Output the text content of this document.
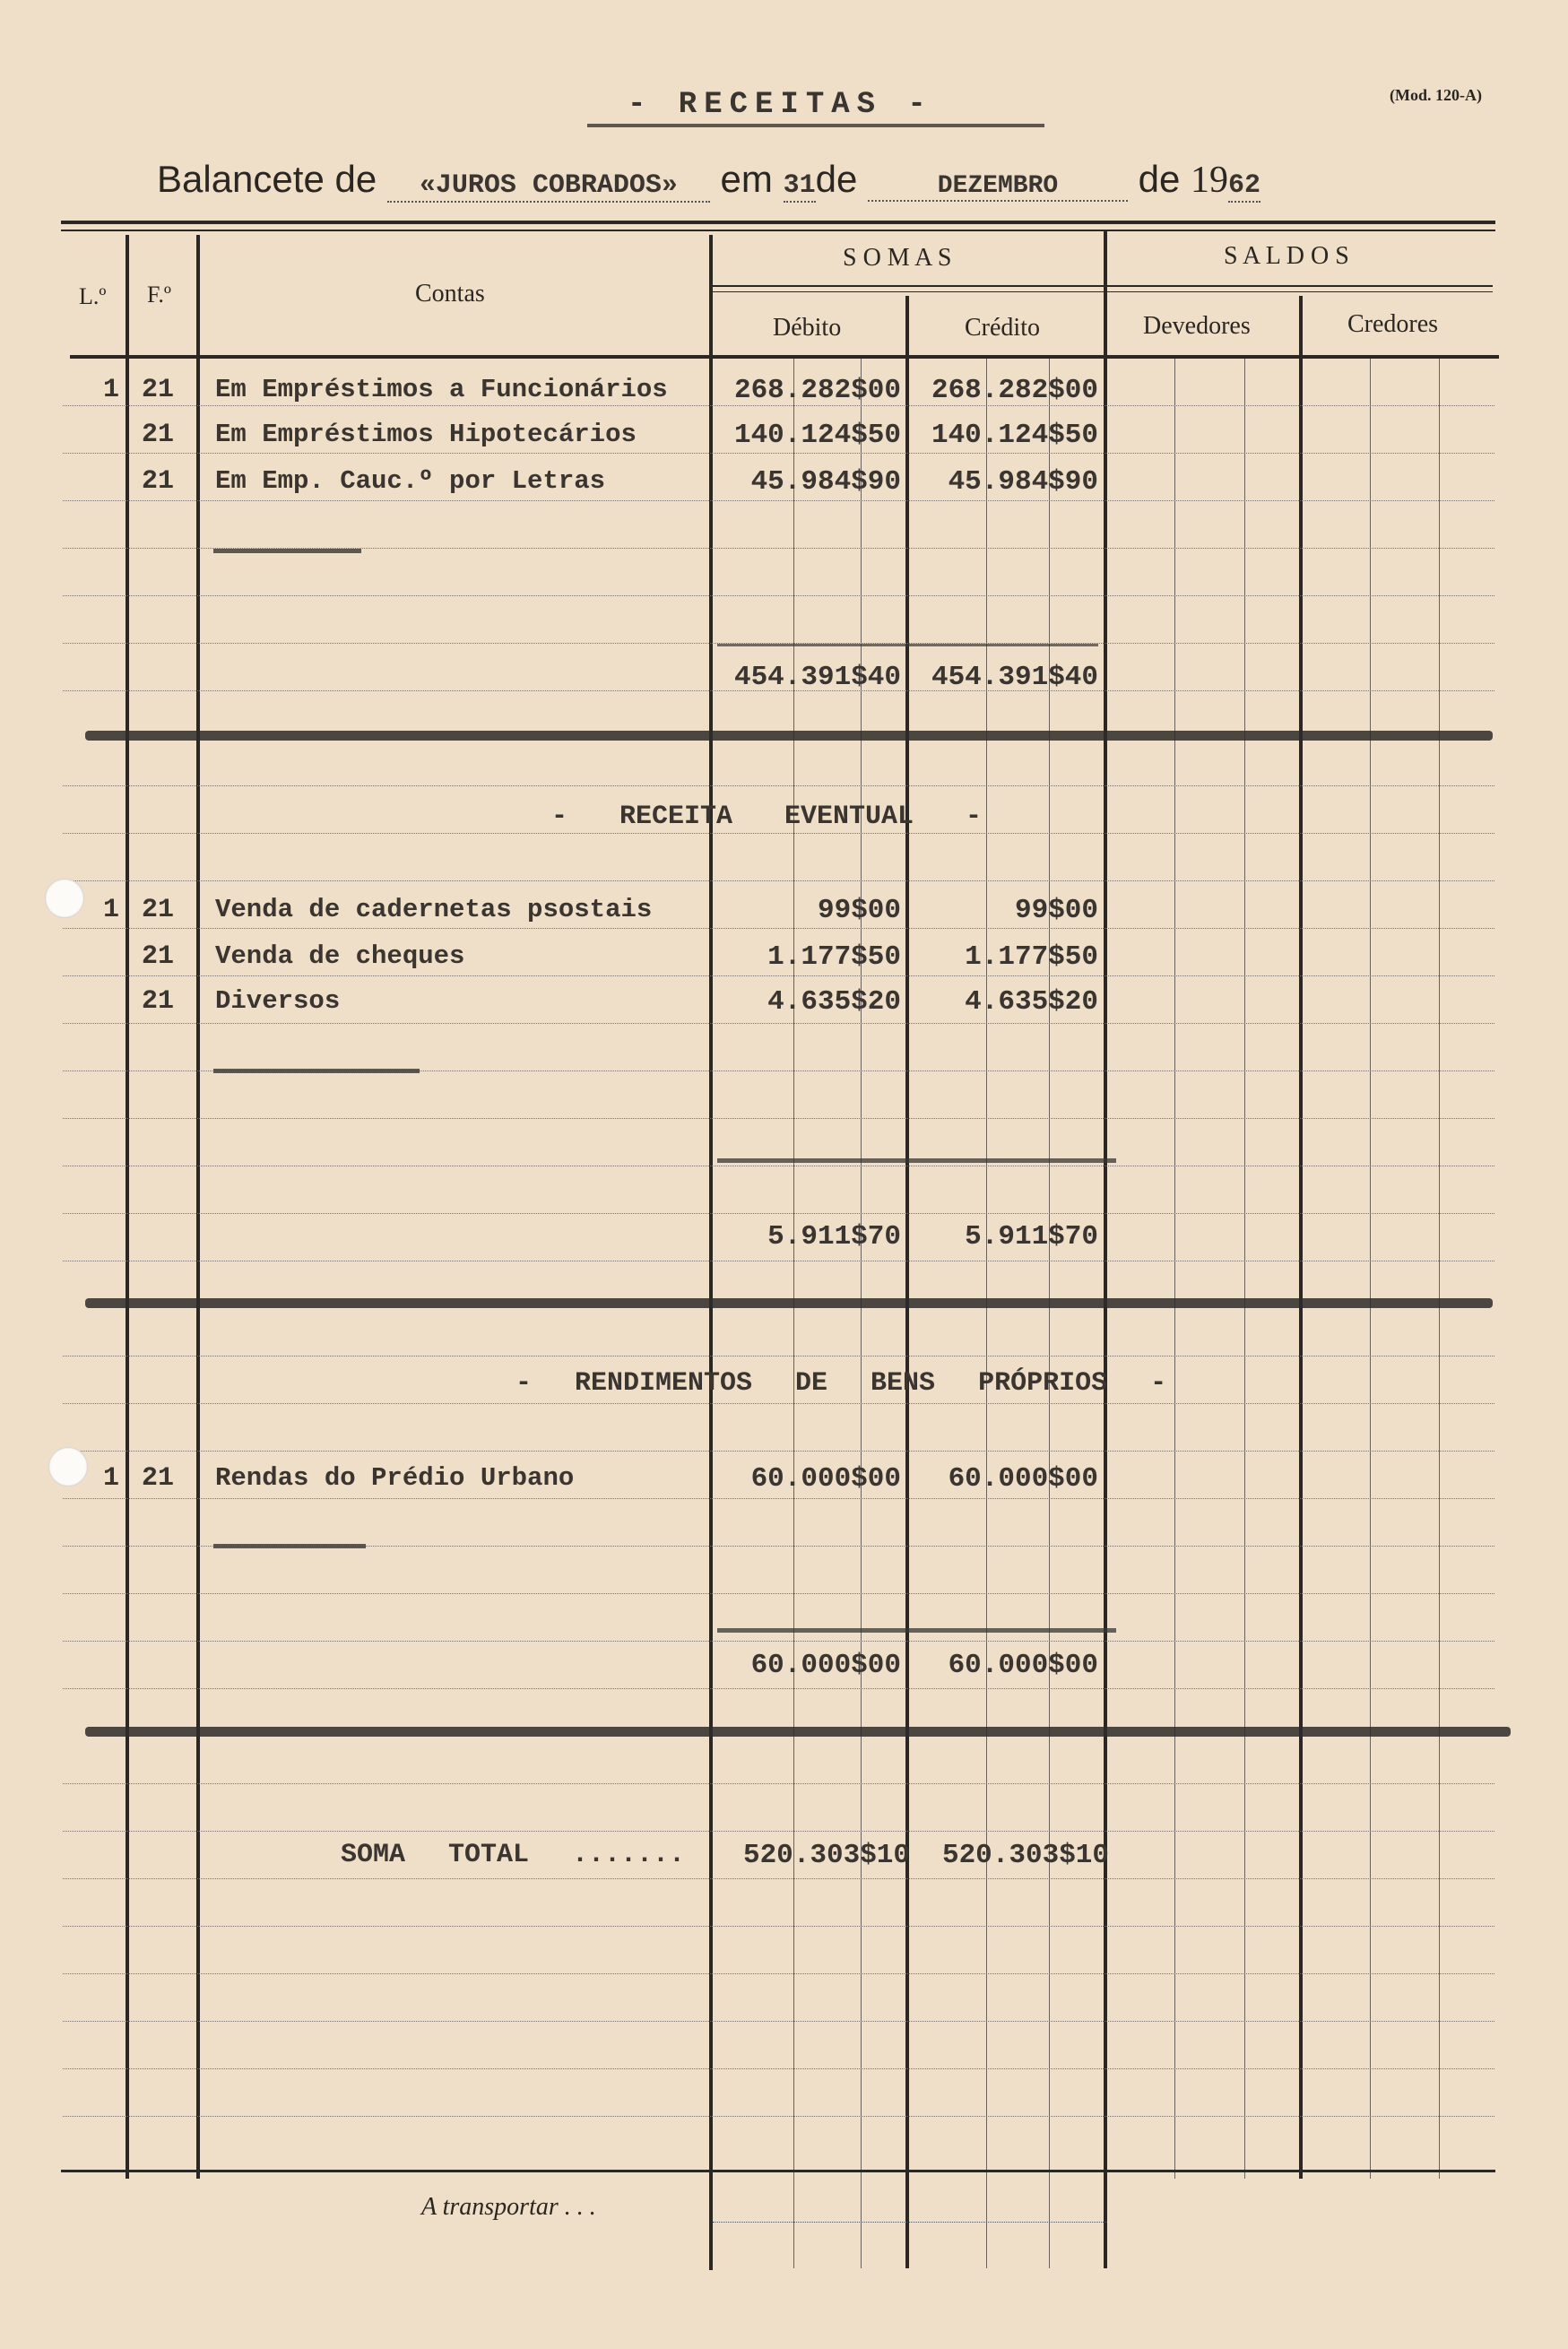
- RECEITAS -	(Mod. 120-A)
Balancete de «JUROS COBRADOS» em 31de	DEZEMBRO de 1962
L.º F.º	Contas
S O M A S	S A L D O S
Débito	Crédito	Devedores	Credores
1 21 Em Empréstimos a Funcionários	268.282$00	268.282$00
21 Em Empréstimos Hipotecários	140.124$50	140.124$50
21 Em Emp. Cauc.º por Letras	45.984$90	45.984$90
454.391$40	454.391$40
- RECEITA EVENTUAL -
1 21 Venda de cadernetas psostais	99$00	99$00
21 Venda de cheques	1.177$50	1.177$50
21 Diversos	4.635$20	4.635$20
5.911$70	5.911$70
- RENDIMENTOS DE BENS PRÓPRIOS -
1 21 Rendas do Prédio Urbano	60.000$00	60.000$00
60.000$00	60.000$00
SOMA TOTAL .......	520.303$10	520.303$10
A transportar . . .
